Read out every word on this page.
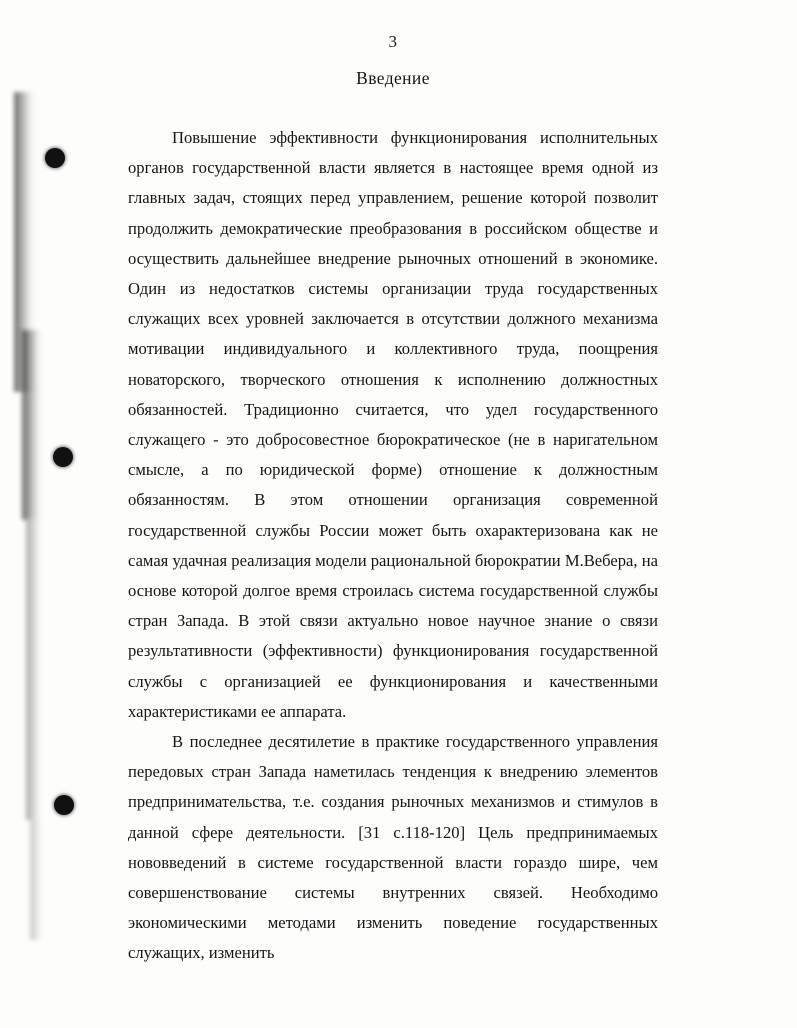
3
Введение

Повышение эффективности функционирования исполнительных органов государственной власти является в настоящее время одной из главных задач, стоящих перед управлением, решение которой позволит продолжить демократические преобразования в российском обществе и осуществить дальнейшее внедрение рыночных отношений в экономике. Один из недостатков системы организации труда государственных служащих всех уровней заключается в отсутствии должного механизма мотивации индивидуального и коллективного труда, поощрения новаторского, творческого отношения к исполнению должностных обязанностей. Традиционно считается, что удел государственного служащего - это добросовестное бюрократическое (не в наригательном смысле, а по юридической форме) отношение к должностным обязанностям. В этом отношении организация современной государственной службы России может быть охарактеризована как не самая удачная реализация модели рациональной бюрократии М.Вебера, на основе которой долгое время строилась система государственной службы стран Запада. В этой связи актуально новое научное знание о связи результативности (эффективности) функционирования государственной службы с организацией ее функционирования и качественными характеристиками ее аппарата.

В последнее десятилетие в практике государственного управления передовых стран Запада наметилась тенденция к внедрению элементов предпринимательства, т.е. создания рыночных механизмов и стимулов в данной сфере деятельности. [31 с.118-120] Цель предпринимаемых нововведений в системе государственной власти гораздо шире, чем совершенствование системы внутренних связей. Необходимо экономическими методами изменить поведение государственных служащих, изменить
